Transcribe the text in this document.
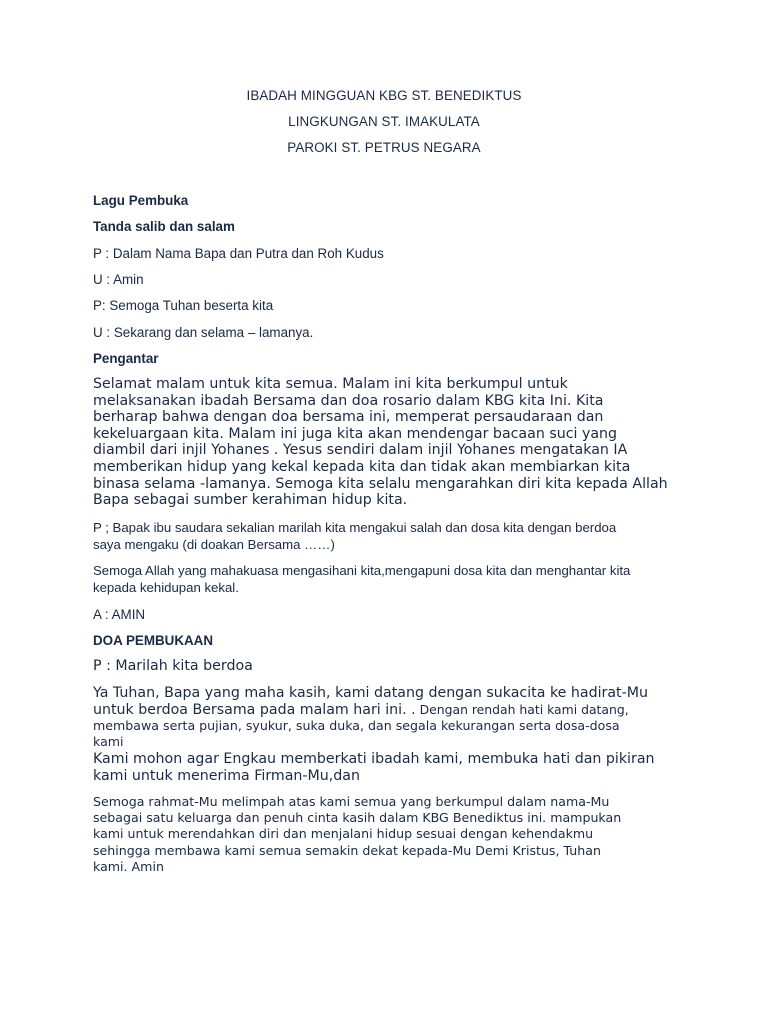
IBADAH MINGGUAN KBG ST. BENEDIKTUS
LINGKUNGAN ST. IMAKULATA
PAROKI ST. PETRUS NEGARA
Lagu Pembuka
Tanda salib dan salam
P : Dalam Nama Bapa dan Putra dan Roh Kudus
U : Amin
P: Semoga Tuhan beserta kita
U : Sekarang dan selama – lamanya.
Pengantar
Selamat malam untuk kita semua. Malam ini kita berkumpul untuk
melaksanakan ibadah Bersama dan doa rosario dalam KBG kita Ini. Kita
berharap bahwa dengan doa bersama ini, memperat persaudaraan dan
kekeluargaan kita. Malam ini juga kita akan mendengar bacaan suci yang
diambil dari injil Yohanes . Yesus sendiri dalam injil Yohanes mengatakan IA
memberikan hidup yang kekal kepada kita dan tidak akan membiarkan kita
binasa selama -lamanya. Semoga kita selalu mengarahkan diri kita kepada Allah
Bapa sebagai sumber kerahiman hidup kita.
P ; Bapak ibu saudara sekalian marilah kita mengakui salah dan dosa kita dengan berdoa
saya mengaku (di doakan Bersama ……)
Semoga Allah yang mahakuasa mengasihani kita,mengapuni dosa kita dan menghantar kita
kepada kehidupan kekal.
A : AMIN
DOA PEMBUKAAN
P : Marilah kita berdoa
Ya Tuhan, Bapa yang maha kasih, kami datang dengan sukacita ke hadirat-Mu
untuk berdoa Bersama pada malam hari ini. . Dengan rendah hati kami datang,
membawa serta pujian, syukur, suka duka, dan segala kekurangan serta dosa-dosa
kami
Kami mohon agar Engkau memberkati ibadah kami, membuka hati dan pikiran
kami untuk menerima Firman-Mu,dan
Semoga rahmat-Mu melimpah atas kami semua yang berkumpul dalam nama-Mu
sebagai satu keluarga dan penuh cinta kasih dalam KBG Benediktus ini. mampukan
kami untuk merendahkan diri dan menjalani hidup sesuai dengan kehendakmu
sehingga membawa kami semua semakin dekat kepada-Mu Demi Kristus, Tuhan
kami. Amin
